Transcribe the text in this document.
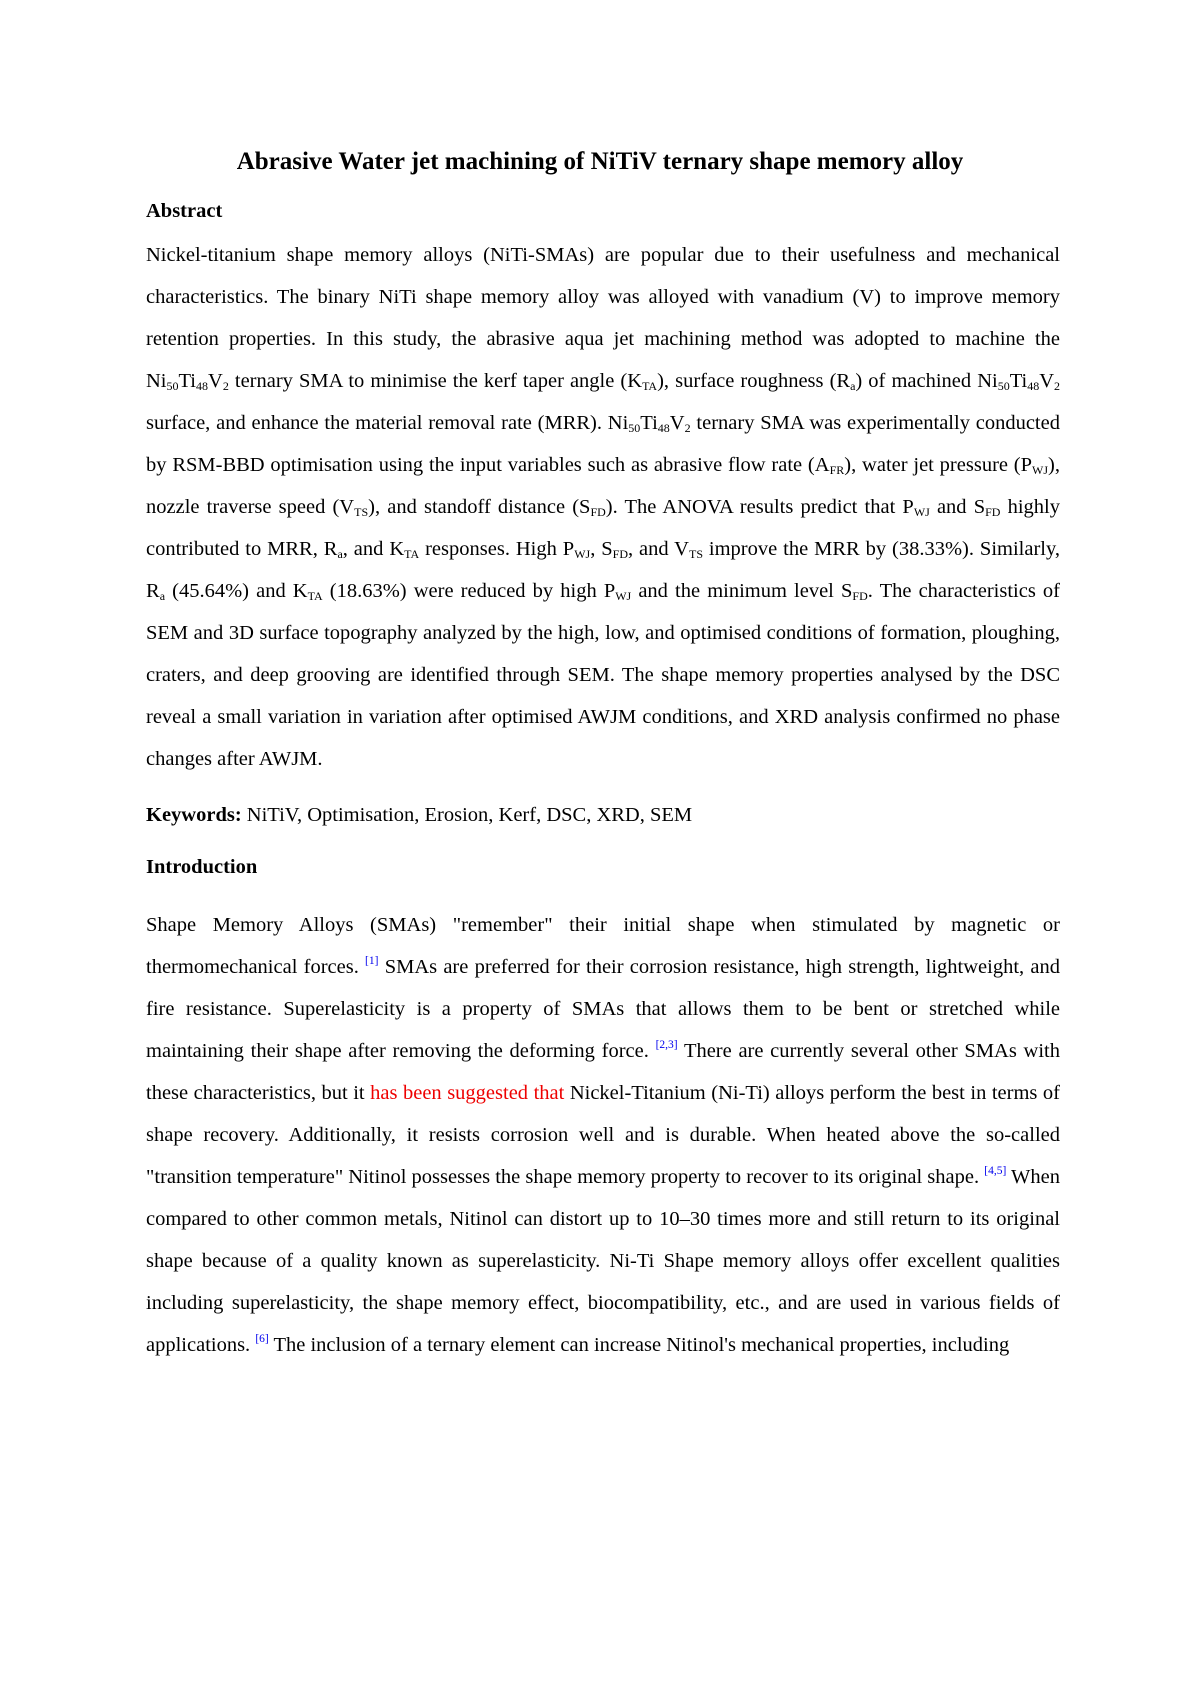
Abrasive Water jet machining of NiTiV ternary shape memory alloy
Abstract

Nickel-titanium shape memory alloys (NiTi-SMAs) are popular due to their usefulness and mechanical characteristics. The binary NiTi shape memory alloy was alloyed with vanadium (V) to improve memory retention properties. In this study, the abrasive aqua jet machining method was adopted to machine the $Ni_{50}Ti_{48}V_2$ ternary SMA to minimise the kerf taper angle $(K_{TA})$, surface roughness $(R_a)$ of machined $Ni_{50}Ti_{48}V_2$ surface, and enhance the material removal rate (MRR). $Ni_{50}Ti_{48}V_2$ ternary SMA was experimentally conducted by RSM-BBD optimisation using the input variables such as abrasive flow rate $(A_{FR})$, water jet pressure $(P_{WJ})$, nozzle traverse speed $(V_{TS})$, and standoff distance $(S_{FD})$. The ANOVA results predict that $P_{WJ}$ and $S_{FD}$ highly contributed to MRR, $R_a$, and $K_{TA}$ responses. High $P_{WJ}$, $S_{FD}$, and $V_{TS}$ improve the MRR by (38.33%). Similarly, $R_a$ (45.64%) and $K_{TA}$ (18.63%) were reduced by high $P_{WJ}$ and the minimum level $S_{FD}$. The characteristics of SEM and 3D surface topography analyzed by the high, low, and optimised conditions of formation, ploughing, craters, and deep grooving are identified through SEM. The shape memory properties analysed by the DSC reveal a small variation in variation after optimised AWJM conditions, and XRD analysis confirmed no phase changes after AWJM.

Keywords: NiTiV, Optimisation, Erosion, Kerf, DSC, XRD, SEM

Introduction

Shape Memory Alloys (SMAs) "remember" their initial shape when stimulated by magnetic or thermomechanical forces. [1] SMAs are preferred for their corrosion resistance, high strength, lightweight, and fire resistance. Superelasticity is a property of SMAs that allows them to be bent or stretched while maintaining their shape after removing the deforming force. [2,3] There are currently several other SMAs with these characteristics, but it has been suggested that Nickel-Titanium (Ni-Ti) alloys perform the best in terms of shape recovery. Additionally, it resists corrosion well and is durable. When heated above the so-called "transition temperature" Nitinol possesses the shape memory property to recover to its original shape. [4,5] When compared to other common metals, Nitinol can distort up to 10–30 times more and still return to its original shape because of a quality known as superelasticity. Ni-Ti Shape memory alloys offer excellent qualities including superelasticity, the shape memory effect, biocompatibility, etc., and are used in various fields of applications. [6] The inclusion of a ternary element can increase Nitinol's mechanical properties, including
